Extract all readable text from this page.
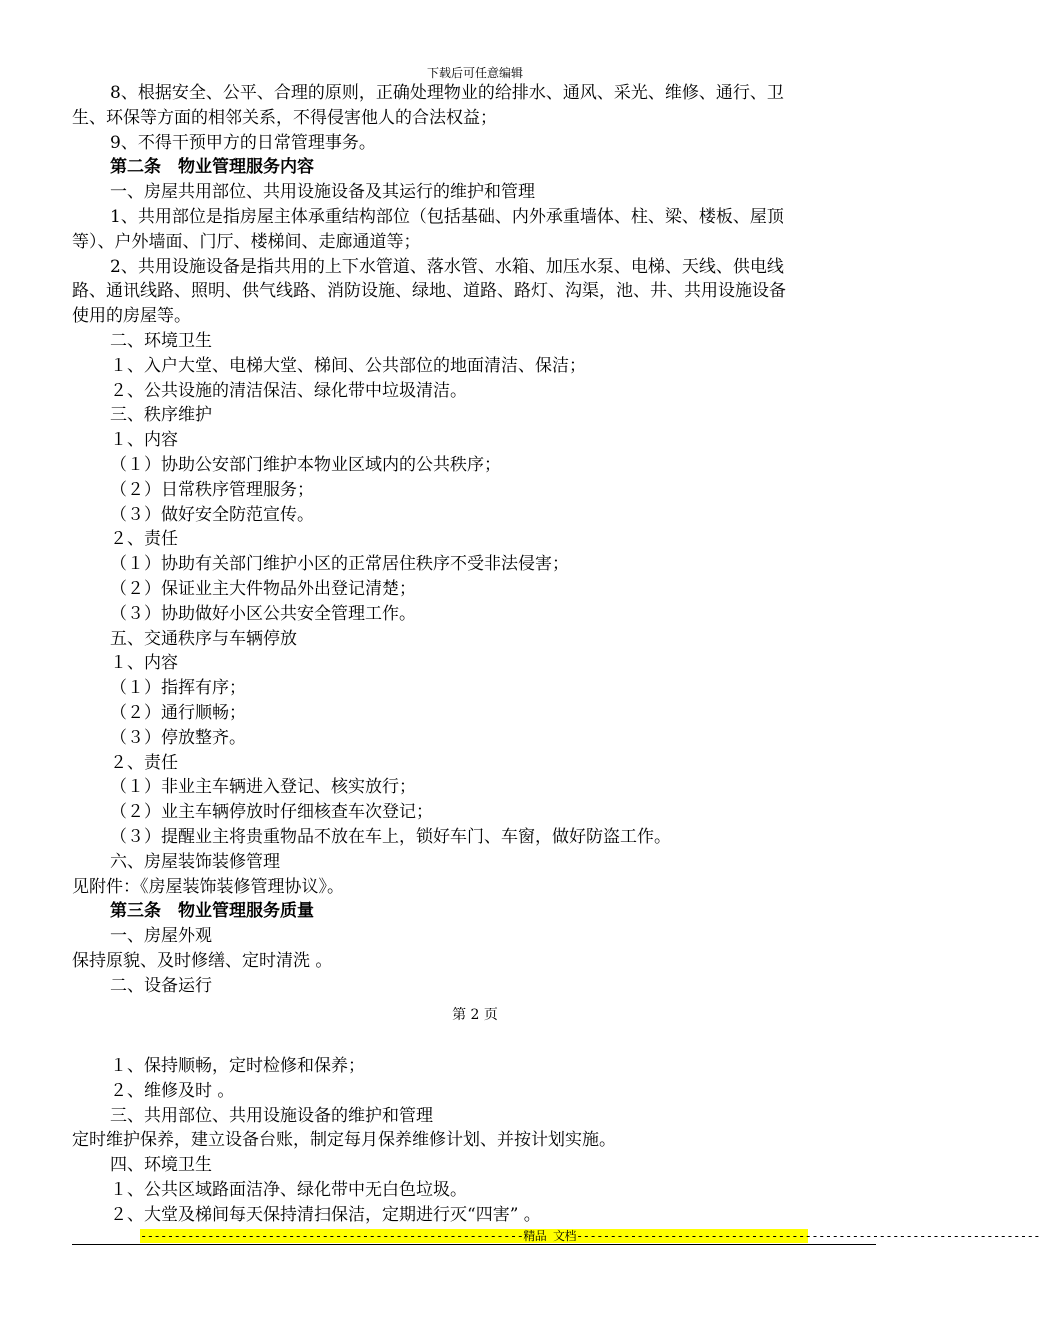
下载后可任意编辑
8、根据安全、公平、合理的原则，正确处理物业的给排水、通风、采光、维修、通行、卫
生、环保等方面的相邻关系，不得侵害他人的合法权益；
9、不得干预甲方的日常管理事务。
第二条　物业管理服务内容
一、房屋共用部位、共用设施设备及其运行的维护和管理
1、共用部位是指房屋主体承重结构部位（包括基础、内外承重墙体、柱、梁、楼板、屋顶
等）、户外墙面、门厅、楼梯间、走廊通道等；
2、共用设施设备是指共用的上下水管道、落水管、水箱、加压水泵、电梯、天线、供电线
路、通讯线路、照明、供气线路、消防设施、绿地、道路、路灯、沟渠，池、井、共用设施设备
使用的房屋等。
二、环境卫生
１、入户大堂、电梯大堂、梯间、公共部位的地面清洁、保洁；
２、公共设施的清洁保洁、绿化带中垃圾清洁。
三、秩序维护
１、内容
（１）协助公安部门维护本物业区域内的公共秩序；
（２）日常秩序管理服务；
（３）做好安全防范宣传。
２、责任
（１）协助有关部门维护小区的正常居住秩序不受非法侵害；
（２）保证业主大件物品外出登记清楚；
（３）协助做好小区公共安全管理工作。
五、交通秩序与车辆停放
１、内容
（１）指挥有序；
（２）通行顺畅；
（３）停放整齐。
２、责任
（１）非业主车辆进入登记、核实放行；
（２）业主车辆停放时仔细核查车次登记；
（３）提醒业主将贵重物品不放在车上，锁好车门、车窗，做好防盗工作。
六、房屋装饰装修管理
见附件：《房屋装饰装修管理协议》。
第三条　物业管理服务质量
一、房屋外观
保持原貌、及时修缮、定时清洗 。
二、设备运行
第 2 页
１、保持顺畅，定时检修和保养；
２、维修及时 。
三、共用部位、共用设施设备的维护和管理
定时维护保养，建立设备台账，制定每月保养维修计划、并按计划实施。
四、环境卫生
１、公共区域路面洁净、绿化带中无白色垃圾。
２、大堂及梯间每天保持清扫保洁，定期进行灭“四害” 。
---------------------------------------------------------精品 文档---------------------------------------------------------------------
